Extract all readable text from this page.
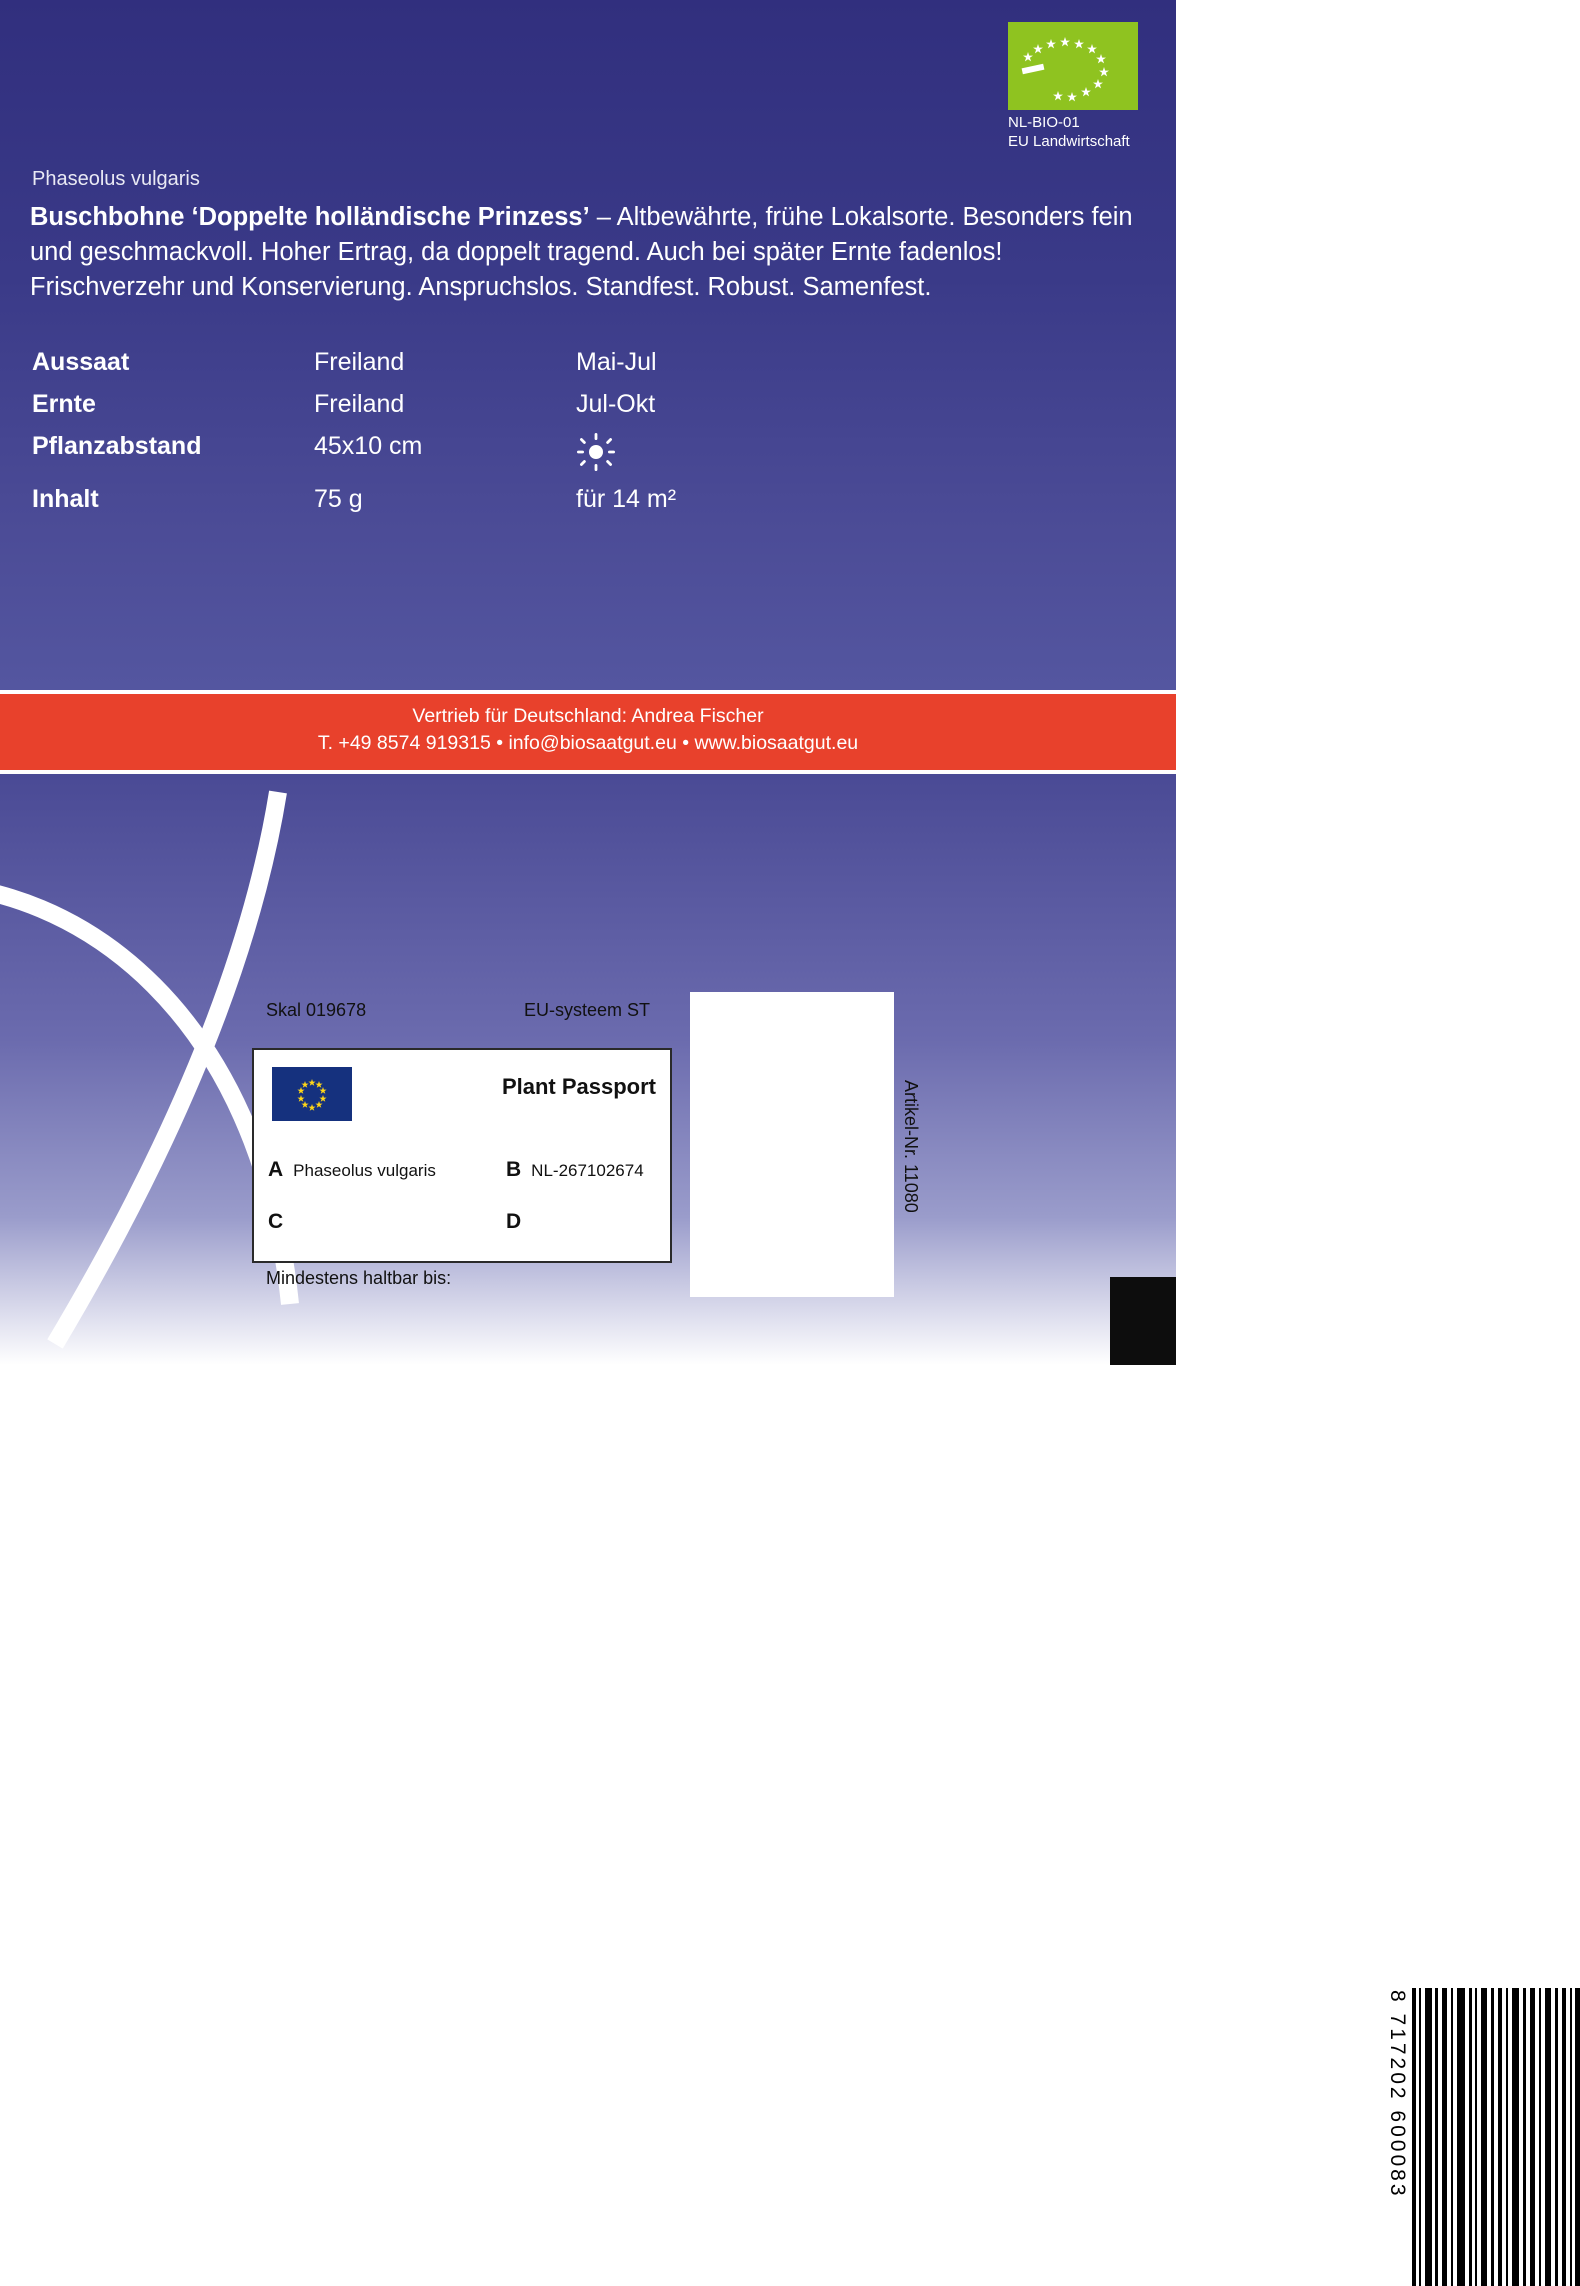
NL-BIO-01
EU Landwirtschaft
Phaseolus vulgaris
Buschbohne ‘Doppelte holländische Prinzess’ – Altbewährte, frühe Lokalsorte. Besonders fein und geschmackvoll. Hoher Ertrag, da doppelt tragend. Auch bei später Ernte fadenlos! Frischverzehr und Konservierung. Anspruchslos. Standfest. Robust. Samenfest.
Aussaat	Freiland	Mai-Jul
Ernte	Freiland	Jul-Okt
Pflanzabstand	45x10 cm	
Inhalt	75 g	für 14 m²
Vertrieb für Deutschland: Andrea Fischer
T. +49 8574 919315 • info@biosaatgut.eu • www.biosaatgut.eu
Skal 019678	EU-systeem ST
Plant Passport
A Phaseolus vulgaris	B NL-267102674
C	D
Mindestens haltbar bis:
8 717202 600083
Artikel-Nr. 11080
